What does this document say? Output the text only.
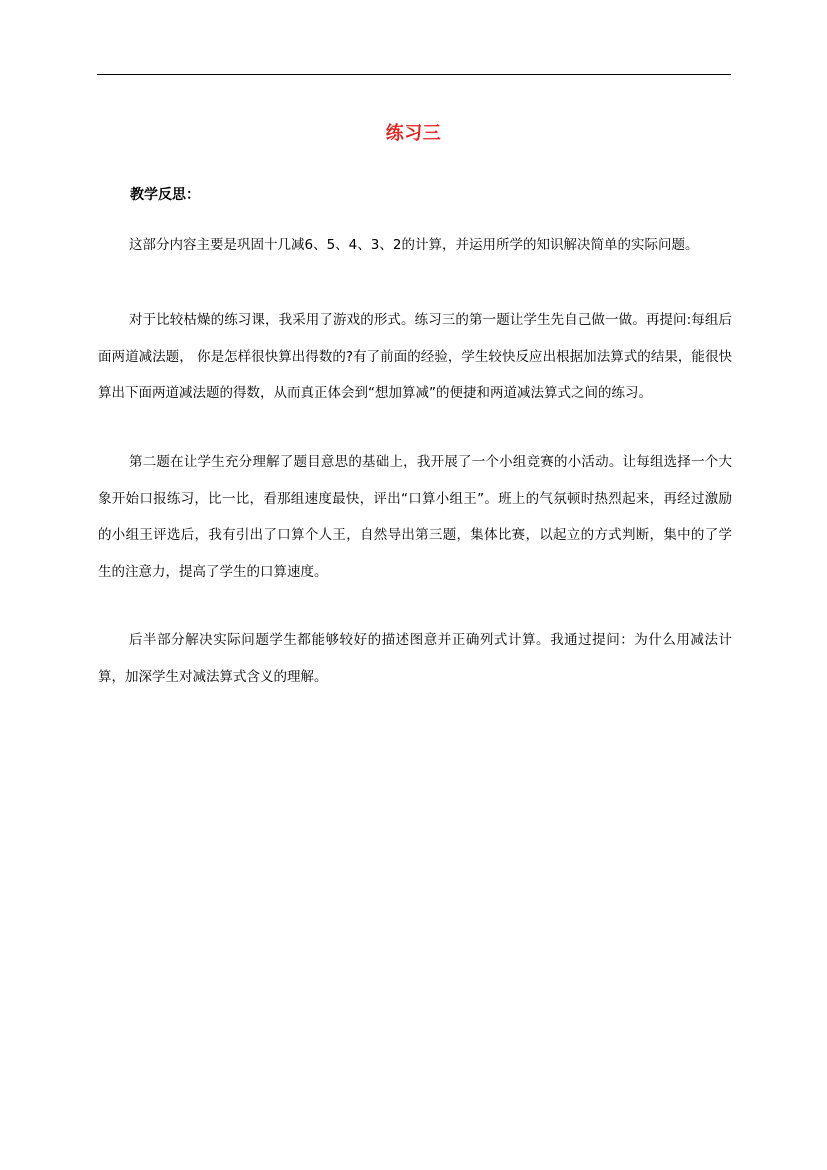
练习三
教学反思：

这部分内容主要是巩固十几减6、5、4、3、2的计算，并运用所学的知识解决简单的实际问题。

对于比较枯燥的练习课，我采用了游戏的形式。练习三的第一题让学生先自己做一做。再提问:每组后面两道减法题， 你是怎样很快算出得数的?有了前面的经验，学生较快反应出根据加法算式的结果，能很快算出下面两道减法题的得数，从而真正体会到“想加算减”的便捷和两道减法算式之间的练习。

第二题在让学生充分理解了题目意思的基础上，我开展了一个小组竞赛的小活动。让每组选择一个大象开始口报练习，比一比，看那组速度最快，评出“口算小组王”。班上的气氛顿时热烈起来，再经过激励的小组王评选后，我有引出了口算个人王，自然导出第三题，集体比赛，以起立的方式判断，集中的了学生的注意力，提高了学生的口算速度。

后半部分解决实际问题学生都能够较好的描述图意并正确列式计算。我通过提问：为什么用减法计算，加深学生对减法算式含义的理解。
